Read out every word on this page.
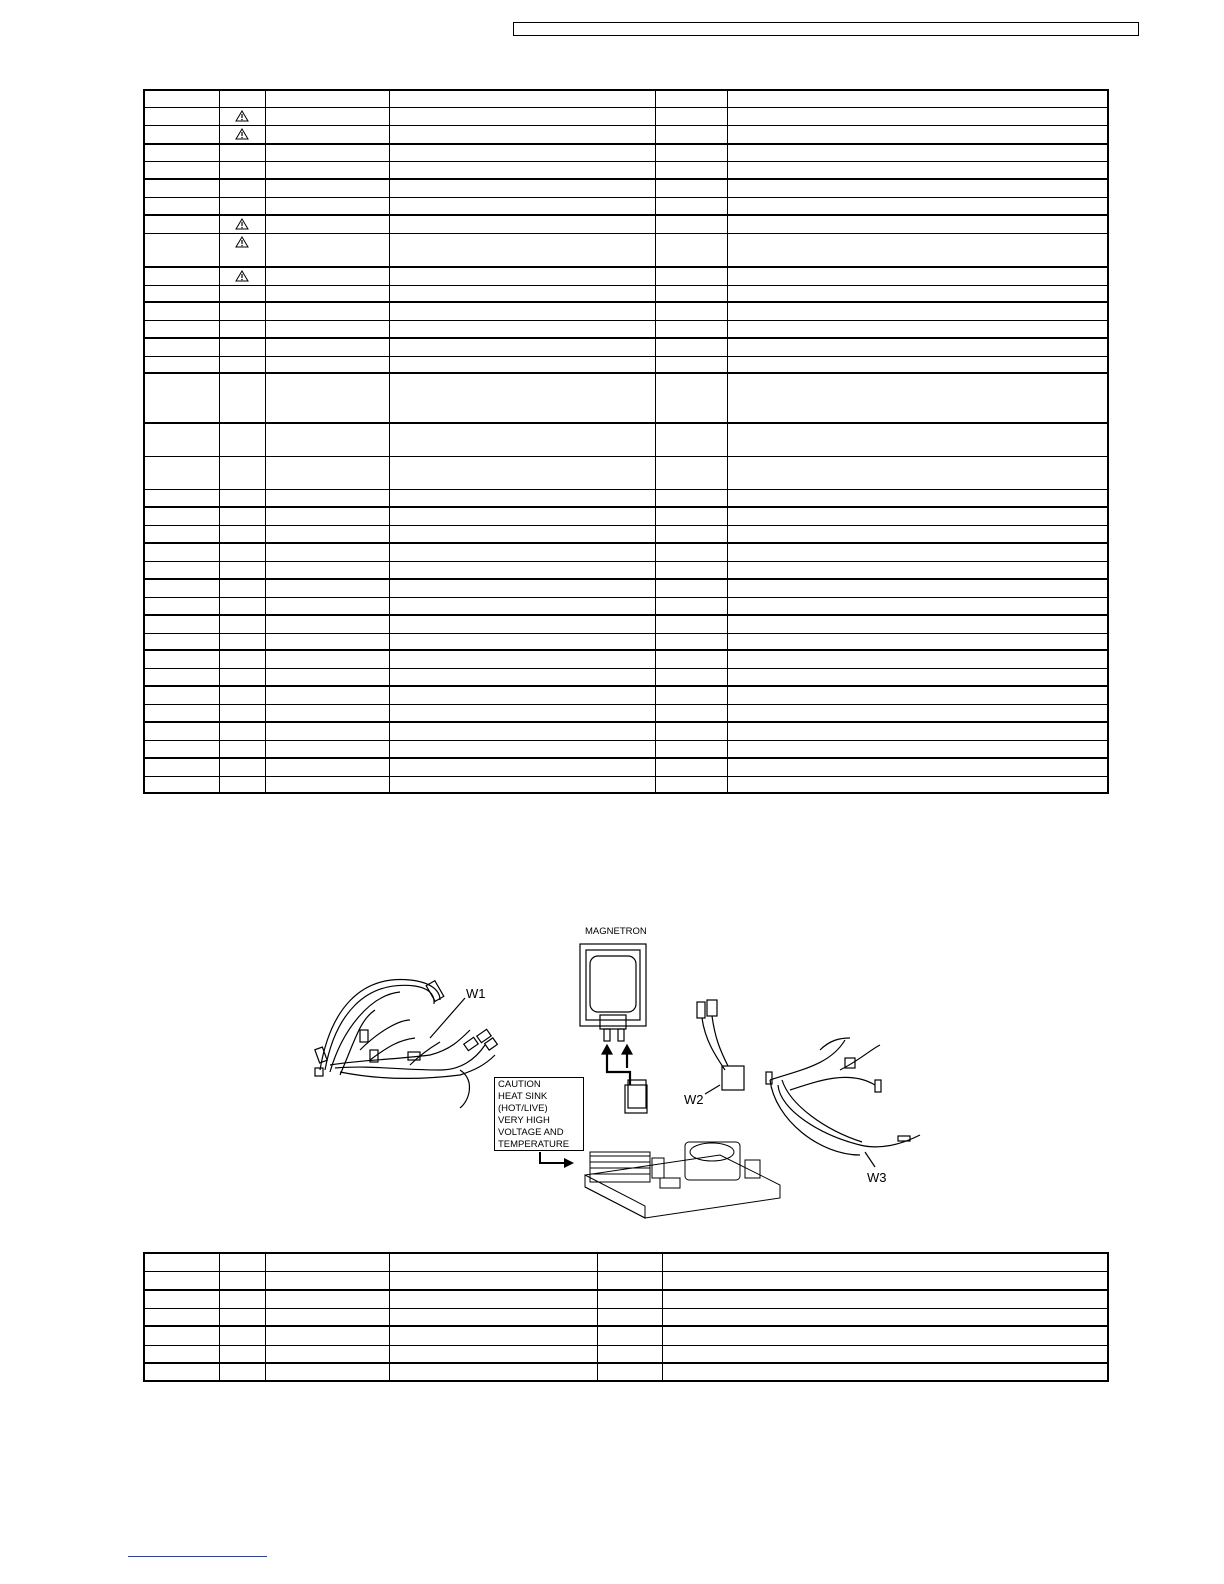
W1
MAGNETRON
W2
W3
CAUTION
HEAT SINK
(HOT/LIVE)
VERY HIGH
VOLTAGE AND
TEMPERATURE
